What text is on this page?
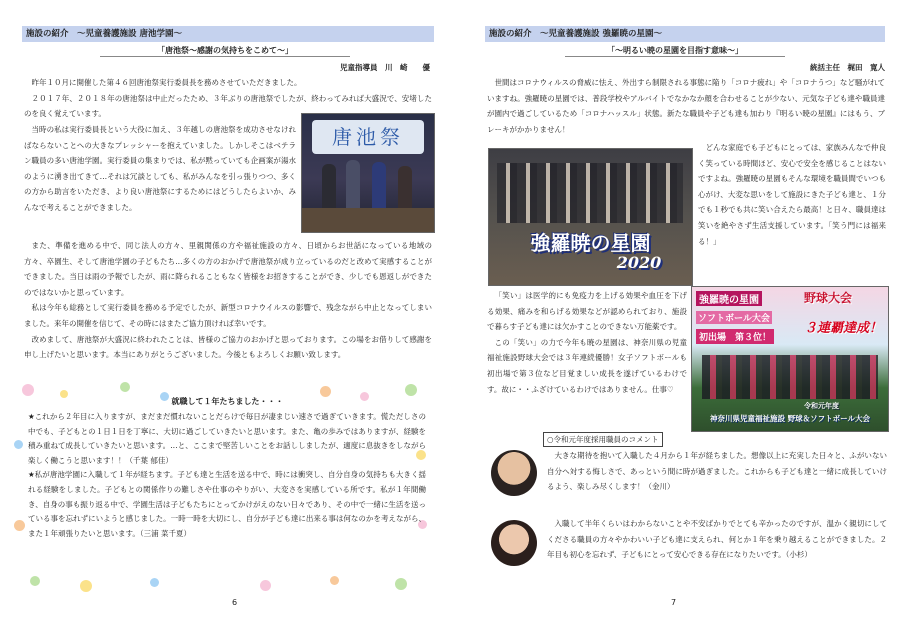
施設の紹介　～児童養護施設 唐池学園～
「唐池祭～感謝の気持ちをこめて～」
児童指導員　川　崎　　優

昨年１０月に開催した第４６回唐池祭実行委員長を務めさせていただきました。

２０１７年、２０１８年の唐池祭は中止だったため、３年ぶりの唐池祭でしたが、終わってみれば大盛況で、安堵したのを良く覚えています。

当時の私は実行委員長という大役に加え、３年越しの唐池祭を成功させなければならないことへの大きなプレッシャーを抱えていました。しかしそこはベテラン職員の多い唐池学園。実行委員の集まりでは、私が黙っていても企画案が湯水のように湧き出てきて…それは冗談としても、私がみんなを引っ張りつつ、多くの方から助言をいただき、より良い唐池祭にするためにはどうしたらよいか、みんなで考えることができました。

唐池祭

また、準備を進める中で、同じ法人の方々、里親関係の方や福祉施設の方々、日頃からお世話になっている地域の方々、卒園生、そして唐池学園の子どもたち…多くの方のおかげで唐池祭が成り立っているのだと改めて実感することができました。当日は雨の予報でしたが、雨に降られることもなく皆様をお招きすることができ、少しでも恩返しができたのではないかと思っています。

私は今年も総務として実行委員を務める予定でしたが、新型コロナウイルスの影響で、残念ながら中止となってしまいました。来年の開催を信じて、その時にはまたご協力頂ければ幸いです。

改めまして、唐池祭が大盛況に終われたことは、皆様のご協力のおかげと思っております。この場をお借りして感謝を申し上げたいと思います。本当にありがとうございました。今後ともよろしくお願い致します。

就職して１年たちました・・・
★これから２年目に入りますが、まだまだ慣れないことだらけで毎日が凄まじい速さで過ぎていきます。慌ただしさの中でも、子どもとの１日１日を丁寧に、大切に過ごしていきたいと思います。また、亀の歩みではありますが、経験を積み重ねて成長していきたいと思います。…と、ここまで堅苦しいことをお話ししましたが、適度に息抜きをしながら楽しく働こうと思います！！（千葉 郁佳）
★私が唐池学園に入職して１年が経ちます。子ども達と生活を送る中で、時には衝突し、自分自身の気持ちも大きく揺れる経験をしました。子どもとの関係作りの難しさや仕事のやりがい、大変さを実感している所です。私が１年間働き、自身の事も振り返る中で、学園生活は子どもたちにとってかけがえのない日々であり、その中で一緒に生活を送っている事を忘れずにいようと感じました。一時一時を大切にし、自分が子ども達に出来る事は何なのかを考えながら、また１年頑張りたいと思います。（三浦 菜千夏）
6
施設の紹介　～児童養護施設 強羅暁の星園～
「～明るい暁の星園を目指す意味～」
統括主任　梶田　寛人

世間はコロナウィルスの脅威に怯え、外出すら制限される事態に陥り「コロナ疲れ」や「コロナうつ」など騒がれていますね。強羅暁の星園では、普段学校やアルバイトでなかなか顔を合わせることが少ない、元気な子ども達や職員達が園内で過ごしているため「コロナハッスル」状態。新たな職員や子ども達も加わり『明るい暁の星園』にはもう、ブレーキがかかりません！

強羅暁の星園
2020

どんな家庭でも子どもにとっては、家族みんなで仲良く笑っている時間ほど、安心で安全を感じることはないですよね。強羅暁の星園もそんな環境を職員間でいつも心がけ、大変な思いをして施設にきた子ども達と、１分でも１秒でも共に笑い合えたら最高！と日々、職員達は笑いを絶やさず生活支援しています。「笑う門には福来る！」

「笑い」は医学的にも免疫力を上げる効果や血圧を下げる効果、痛みを和らげる効果などが認められており、施設で暮らす子ども達には欠かすことのできない万能薬です。

この「笑い」の力で今年も暁の星園は、神奈川県の児童福祉施設野球大会では３年連続優勝！女子ソフトボールも初出場で第３位など目覚ましい成長を遂げているわけです。故に・・ふざけているわけではありません。仕事♡

強羅暁の星園	野球大会
ソフトボール大会
初出場　第３位！
３連覇達成！
令和元年度
神奈川県児童福祉施設 野球＆ソフトボール大会
○令和元年度採用職員のコメント

大きな期待を抱いて入職した４月から１年が経ちました。想像以上に充実した日々と、ふがいない自分へ対する悔しさで、あっという間に時が過ぎました。これからも子ども達と一緒に成長していけるよう、楽しみ尽くします！（金川）

入職して半年くらいはわからないことや不安ばかりでとても辛かったのですが、温かく親切にしてくださる職員の方々やかわいい子ども達に支えられ、何とか１年を乗り越えることができました。２年目も初心を忘れず、子どもにとって安心できる存在になりたいです。（小杉）

7
